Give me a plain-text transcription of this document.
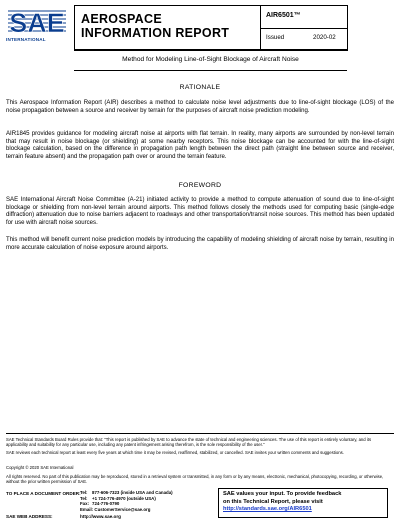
SAE
INTERNATIONAL
AEROSPACE
INFORMATION REPORT
AIR6501™
Issued	2020-02
Method for Modeling Line-of-Sight Blockage of Aircraft Noise
RATIONALE
This Aerospace Information Report (AIR) describes a method to calculate noise level adjustments due to line-of-sight blockage (LOS) of the noise propagation between a source and receiver by terrain for the purposes of aircraft noise prediction modeling.
AIR1845 provides guidance for modeling aircraft noise at airports with flat terrain. In reality, many airports are surrounded by non-level terrain that may result in noise blockage (or shielding) at some nearby receptors. This noise blockage can be accounted for with the line-of-sight blockage calculation, based on the difference in propagation path length between the direct path (straight line between source and receiver, terrain feature absent) and the propagation path over or around the terrain feature.
FOREWORD
SAE International Aircraft Noise Committee (A-21) initiated activity to provide a method to compute attenuation of sound due to line-of-sight blockage or shielding from non-level terrain around airports. This method follows closely the methods used for computing basic (single-edge diffraction) attenuation due to noise barriers adjacent to roadways and other transportation/transit noise sources. This method has been updated for use with aircraft noise sources.
This method will benefit current noise prediction models by introducing the capability of modeling shielding of aircraft noise by terrain, resulting in more accurate calculation of noise exposure around airports.
SAE Technical Standards Board Rules provide that: "This report is published by SAE to advance the state of technical and engineering sciences. The use of this report is entirely voluntary, and its applicability and suitability for any particular use, including any patent infringement arising therefrom, is the sole responsibility of the user."
SAE reviews each technical report at least every five years at which time it may be revised, reaffirmed, stabilized, or cancelled. SAE invites your written comments and suggestions.
Copyright © 2020 SAE International
All rights reserved. No part of this publication may be reproduced, stored in a retrieval system or transmitted, in any form or by any means, electronic, mechanical, photocopying, recording, or otherwise, without the prior written permission of SAE.
TO PLACE A DOCUMENT ORDER: Tel: 877-606-7323 (inside USA and Canada)
Tel: +1 724-776-4970 (outside USA)
Fax: 724-776-0790
Email: CustomerService@sae.org
SAE WEB ADDRESS:	http://www.sae.org
SAE values your input. To provide feedback
on this Technical Report, please visit
http://standards.sae.org/AIR6501
